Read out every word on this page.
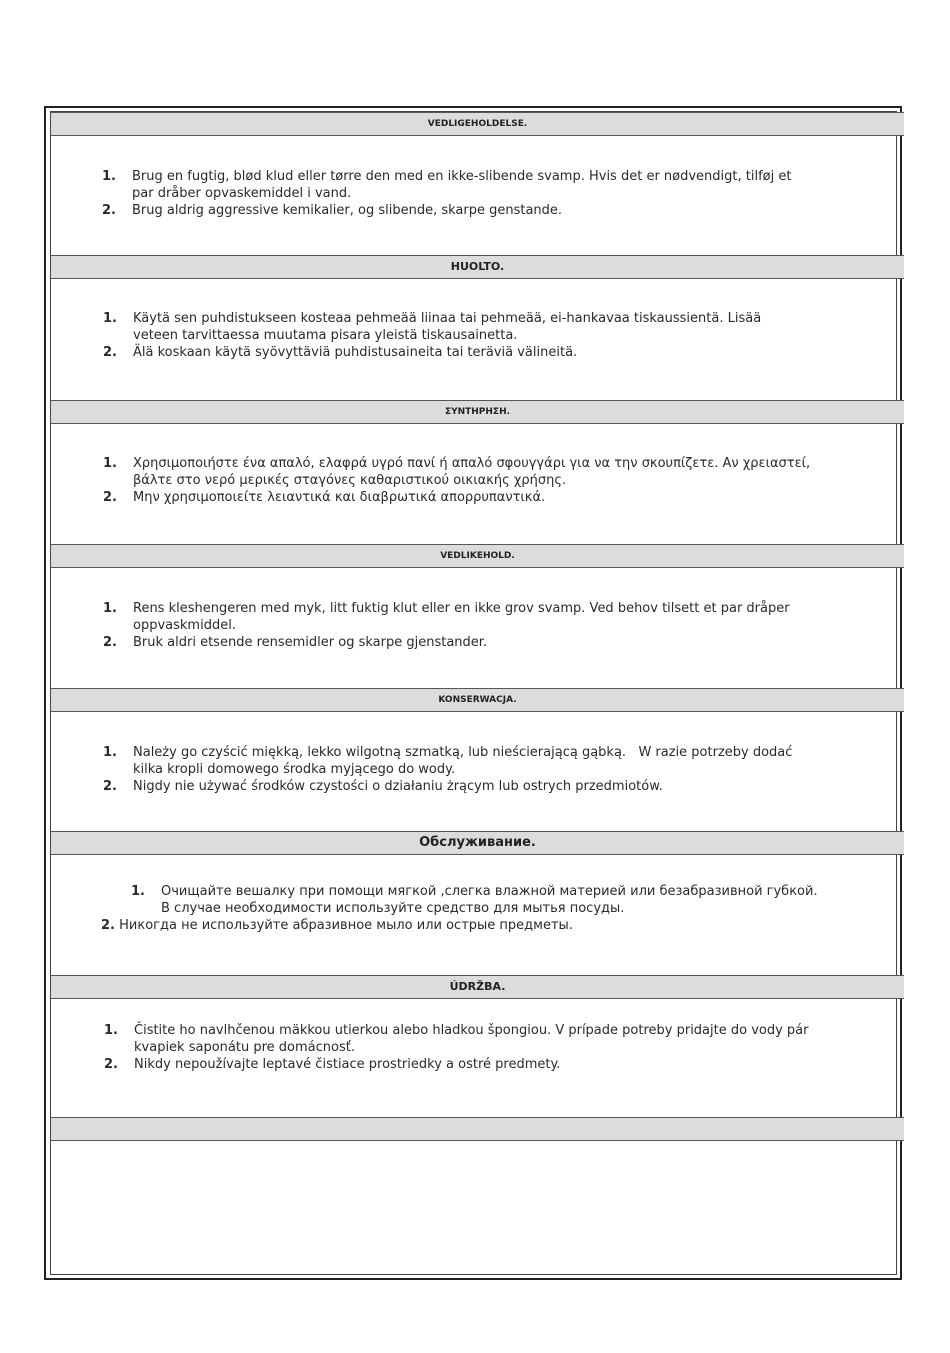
VEDLIGEHOLDELSE.
1. Brug en fugtig, blød klud eller tørre den med en ikke-slibende svamp. Hvis det er nødvendigt, tilføj et
par dråber opvaskemiddel i vand.
2. Brug aldrig aggressive kemikalier, og slibende, skarpe genstande.
HUOLTO.
1. Käytä sen puhdistukseen kosteaa pehmeää liinaa tai pehmeää, ei-hankavaa tiskaussientä. Lisää
veteen tarvittaessa muutama pisara yleistä tiskausainetta.
2. Älä koskaan käytä syövyttäviä puhdistusaineita tai teräviä välineitä.
ΣΥΝΤΗΡΗΣΗ.
1. Χρησιμοποιήστε ένα απαλό, ελαφρά υγρό πανί ή απαλό σφουγγάρι για να την σκουπίζετε. Αν χρειαστεί,
βάλτε στο νερό μερικές σταγόνες καθαριστικού οικιακής χρήσης.
2. Μην χρησιμοποιείτε λειαντικά και διαβρωτικά απορρυπαντικά.
VEDLIKEHOLD.
1. Rens kleshengeren med myk, litt fuktig klut eller en ikke grov svamp. Ved behov tilsett et par dråper
oppvaskmiddel.
2. Bruk aldri etsende rensemidler og skarpe gjenstander.
KONSERWACJA.
1. Należy go czyścić miękką, lekko wilgotną szmatką, lub nieścierającą gąbką.   W razie potrzeby dodać
kilka kropli domowego środka myjącego do wody.
2. Nigdy nie używać środków czystości o działaniu żrącym lub ostrych przedmiotów.
Обслуживание.
1. Очищайте вешалку при помощи мягкой ,слегка влажной материей или безабразивной губкой.
В случае необходимости используйте средство для мытья посуды.
2. Никогда не используйте абразивное мыло или острые предметы.
ÚDRŽBA.
1. Čistite ho navlhčenou mäkkou utierkou alebo hladkou špongiou. V prípade potreby pridajte do vody pár
kvapiek saponátu pre domácnosť.
2. Nikdy nepoužívajte leptavé čistiace prostriedky a ostré predmety.
